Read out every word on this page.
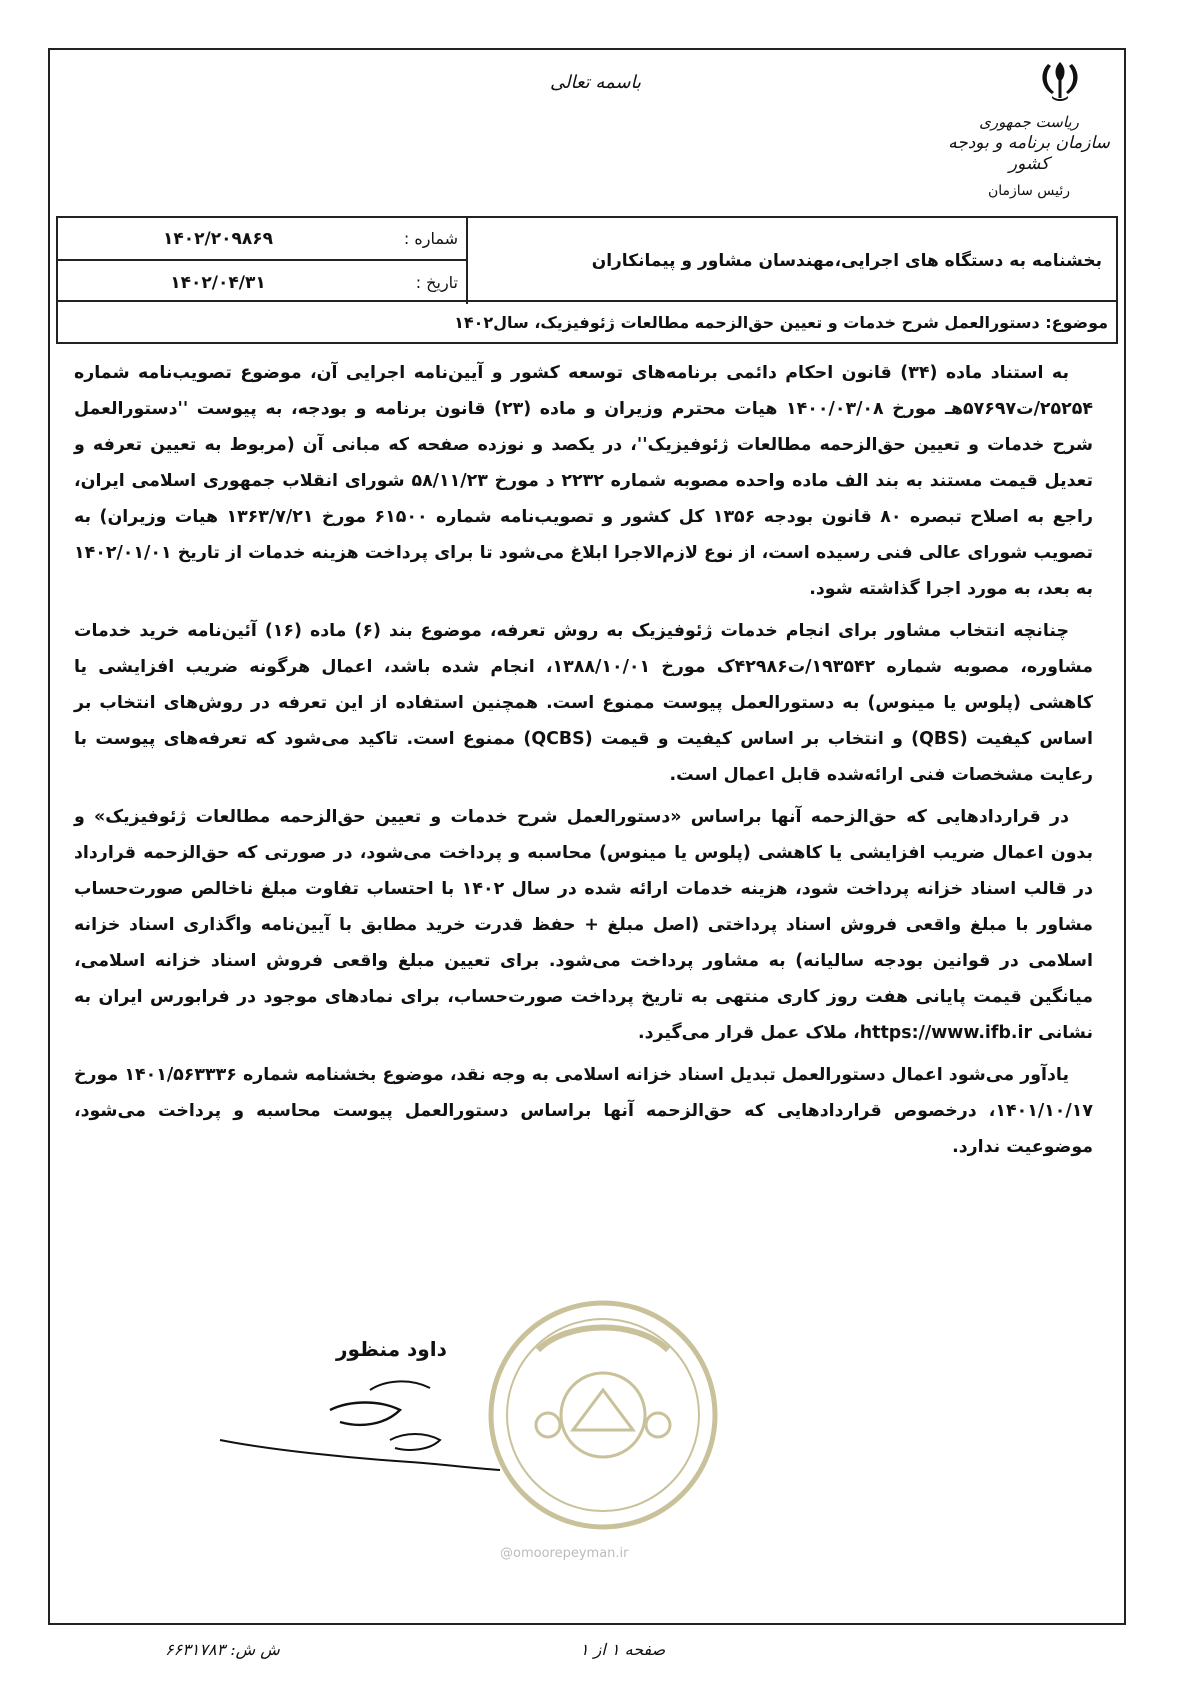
باسمه تعالی
ریاست جمهوری
سازمان برنامه و بودجه کشور
رئیس سازمان
بخشنامه به دستگاه های اجرایی،مهندسان مشاور و پیمانکاران
شماره :
۱۴۰۲/۲۰۹۸۶۹
تاریخ :
۱۴۰۲/۰۴/۳۱
موضوع: دستورالعمل شرح خدمات و تعیین حق‌الزحمه مطالعات ژئوفیزیک، سال۱۴۰۲

به استناد ماده (۳۴) قانون احکام دائمی برنامه‌های توسعه کشور و آیین‌نامه اجرایی آن، موضوع تصویب‌نامه شماره ۲۵۲۵۴/ت۵۷۶۹۷هـ مورخ ۱۴۰۰/۰۳/۰۸ هیات محترم وزیران و ماده (۲۳) قانون برنامه و بودجه، به پیوست ''دستورالعمل شرح خدمات و تعیین حق‌الزحمه مطالعات ژئوفیزیک''، در یکصد و نوزده صفحه که مبانی آن (مربوط به تعیین تعرفه و تعدیل قیمت مستند به بند الف ماده واحده مصوبه شماره ۲۲۳۲ د مورخ ۵۸/۱۱/۲۳ شورای انقلاب جمهوری اسلامی ایران، راجع به اصلاح تبصره ۸۰ قانون بودجه ۱۳۵۶ کل کشور و تصویب‌نامه شماره ۶۱۵۰۰ مورخ ۱۳۶۳/۷/۲۱ هیات وزیران) به تصویب شورای عالی فنی رسیده است، از نوع لازم‌الاجرا ابلاغ می‌شود تا برای پرداخت هزینه خدمات از تاریخ ۱۴۰۲/۰۱/۰۱ به بعد، به مورد اجرا گذاشته شود.

چنانچه انتخاب مشاور برای انجام خدمات ژئوفیزیک به روش تعرفه، موضوع بند (۶) ماده (۱۶) آئین‌نامه خرید خدمات مشاوره، مصوبه شماره ۱۹۳۵۴۲/ت۴۲۹۸۶ک مورخ ۱۳۸۸/۱۰/۰۱، انجام شده باشد، اعمال هرگونه ضریب افزایشی یا کاهشی (پلوس یا مینوس) به دستورالعمل پیوست ممنوع است. همچنین استفاده از این تعرفه در روش‌های انتخاب بر اساس کیفیت (QBS) و انتخاب بر اساس کیفیت و قیمت (QCBS) ممنوع است. تاکید می‌شود که تعرفه‌های پیوست با رعایت مشخصات فنی ارائه‌شده قابل اعمال است.

در قراردادهایی که حق‌الزحمه آنها براساس «دستورالعمل شرح خدمات و تعیین حق‌الزحمه مطالعات ژئوفیزیک» و بدون اعمال ضریب افزایشی یا کاهشی (پلوس یا مینوس) محاسبه و پرداخت می‌شود، در صورتی که حق‌الزحمه قرارداد در قالب اسناد خزانه پرداخت شود، هزینه خدمات ارائه شده در سال ۱۴۰۲ با احتساب تفاوت مبلغ ناخالص صورت‌حساب مشاور با مبلغ واقعی فروش اسناد پرداختی (اصل مبلغ + حفظ قدرت خرید مطابق با آیین‌نامه واگذاری اسناد خزانه اسلامی در قوانین بودجه سالیانه) به مشاور پرداخت می‌شود. برای تعیین مبلغ واقعی فروش اسناد خزانه اسلامی، میانگین قیمت پایانی هفت روز کاری منتهی به تاریخ پرداخت صورت‌حساب، برای نمادهای موجود در فرابورس ایران به نشانی https://www.ifb.ir، ملاک عمل قرار می‌گیرد.

یادآور می‌شود اعمال دستورالعمل تبدیل اسناد خزانه اسلامی به وجه نقد، موضوع بخشنامه شماره ۱۴۰۱/۵۶۳۳۳۶ مورخ ۱۴۰۱/۱۰/۱۷، درخصوص قراردادهایی که حق‌الزحمه آنها براساس دستورالعمل پیوست محاسبه و پرداخت می‌شود، موضوعیت ندارد.

داود منظور
@omoorepeyman.ir
ش ش: ۶۶۳۱۷۸۳	صفحه ۱ از ۱
